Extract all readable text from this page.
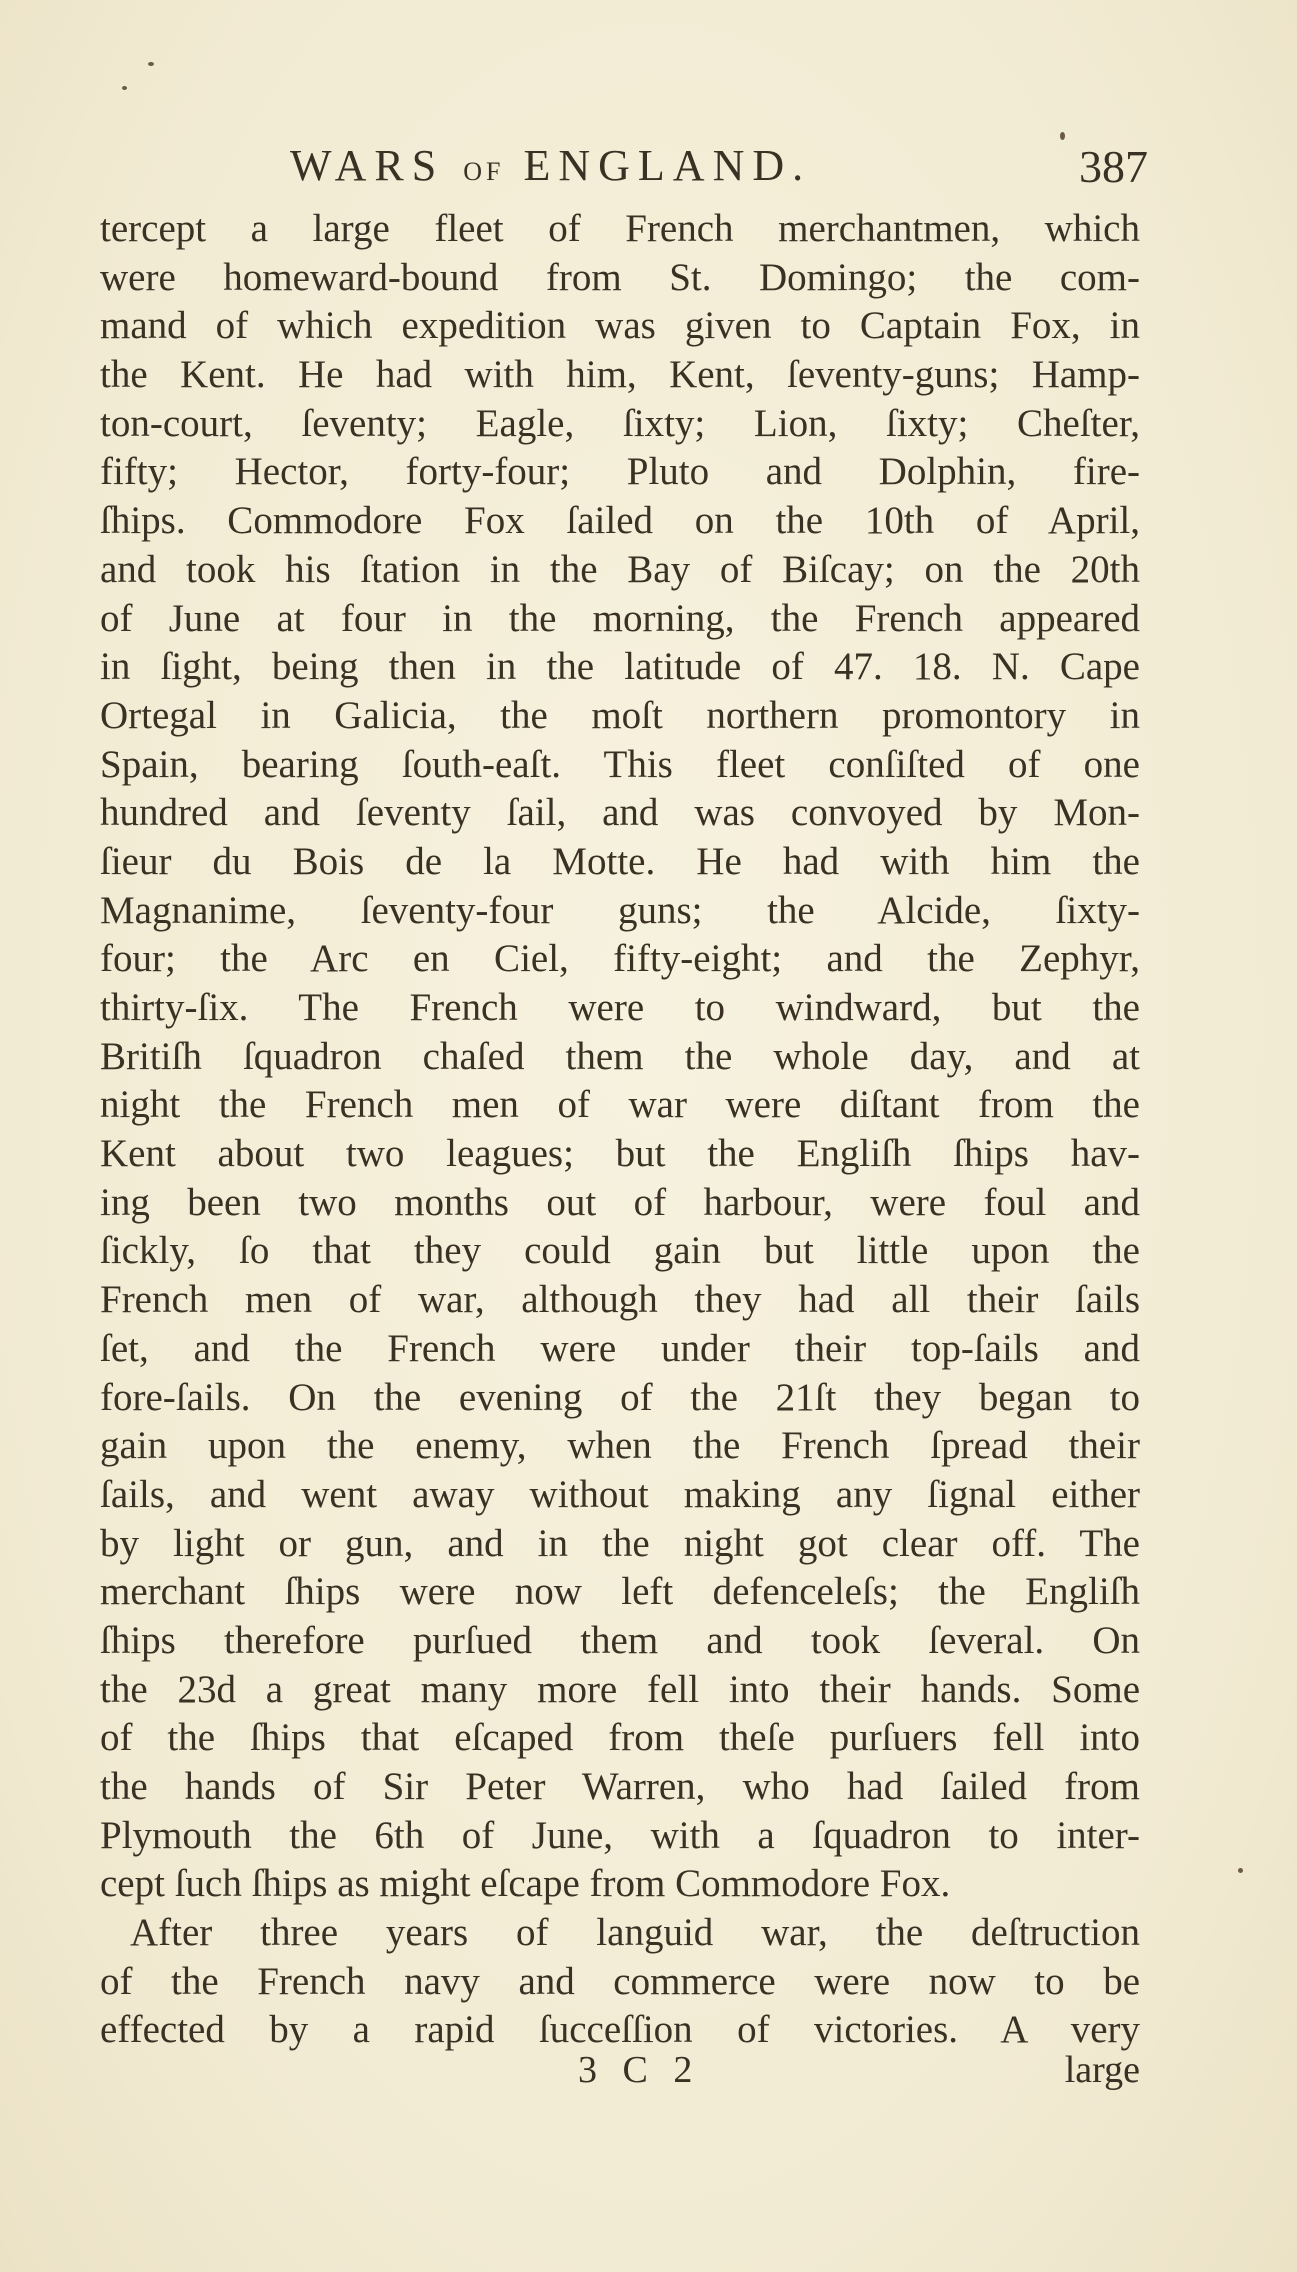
WARS OF ENGLAND.	387
tercept a large fleet of French merchantmen, which
were homeward-bound from St. Domingo; the com-
mand of which expedition was given to Captain Fox, in
the Kent. He had with him, Kent, ſeventy-guns; Hamp-
ton-court, ſeventy; Eagle, ſixty; Lion, ſixty; Cheſter,
fifty; Hector, forty-four; Pluto and Dolphin, fire-
ſhips. Commodore Fox ſailed on the 10th of April,
and took his ſtation in the Bay of Biſcay; on the 20th
of June at four in the morning, the French appeared
in ſight, being then in the latitude of 47. 18. N. Cape
Ortegal in Galicia, the moſt northern promontory in
Spain, bearing ſouth-eaſt. This fleet conſiſted of one
hundred and ſeventy ſail, and was convoyed by Mon-
ſieur du Bois de la Motte. He had with him the
Magnanime, ſeventy-four guns; the Alcide, ſixty-
four; the Arc en Ciel, fifty-eight; and the Zephyr,
thirty-ſix. The French were to windward, but the
Britiſh ſquadron chaſed them the whole day, and at
night the French men of war were diſtant from the
Kent about two leagues; but the Engliſh ſhips hav-
ing been two months out of harbour, were foul and
ſickly, ſo that they could gain but little upon the
French men of war, although they had all their ſails
ſet, and the French were under their top-ſails and
fore-ſails. On the evening of the 21ſt they began to
gain upon the enemy, when the French ſpread their
ſails, and went away without making any ſignal either
by light or gun, and in the night got clear off. The
merchant ſhips were now left defenceleſs; the Engliſh
ſhips therefore purſued them and took ſeveral. On
the 23d a great many more fell into their hands. Some
of the ſhips that eſcaped from theſe purſuers fell into
the hands of Sir Peter Warren, who had ſailed from
Plymouth the 6th of June, with a ſquadron to inter-
cept ſuch ſhips as might eſcape from Commodore Fox.
After three years of languid war, the deſtruction
of the French navy and commerce were now to be
effected by a rapid ſucceſſion of victories. A very
3 C 2	large
